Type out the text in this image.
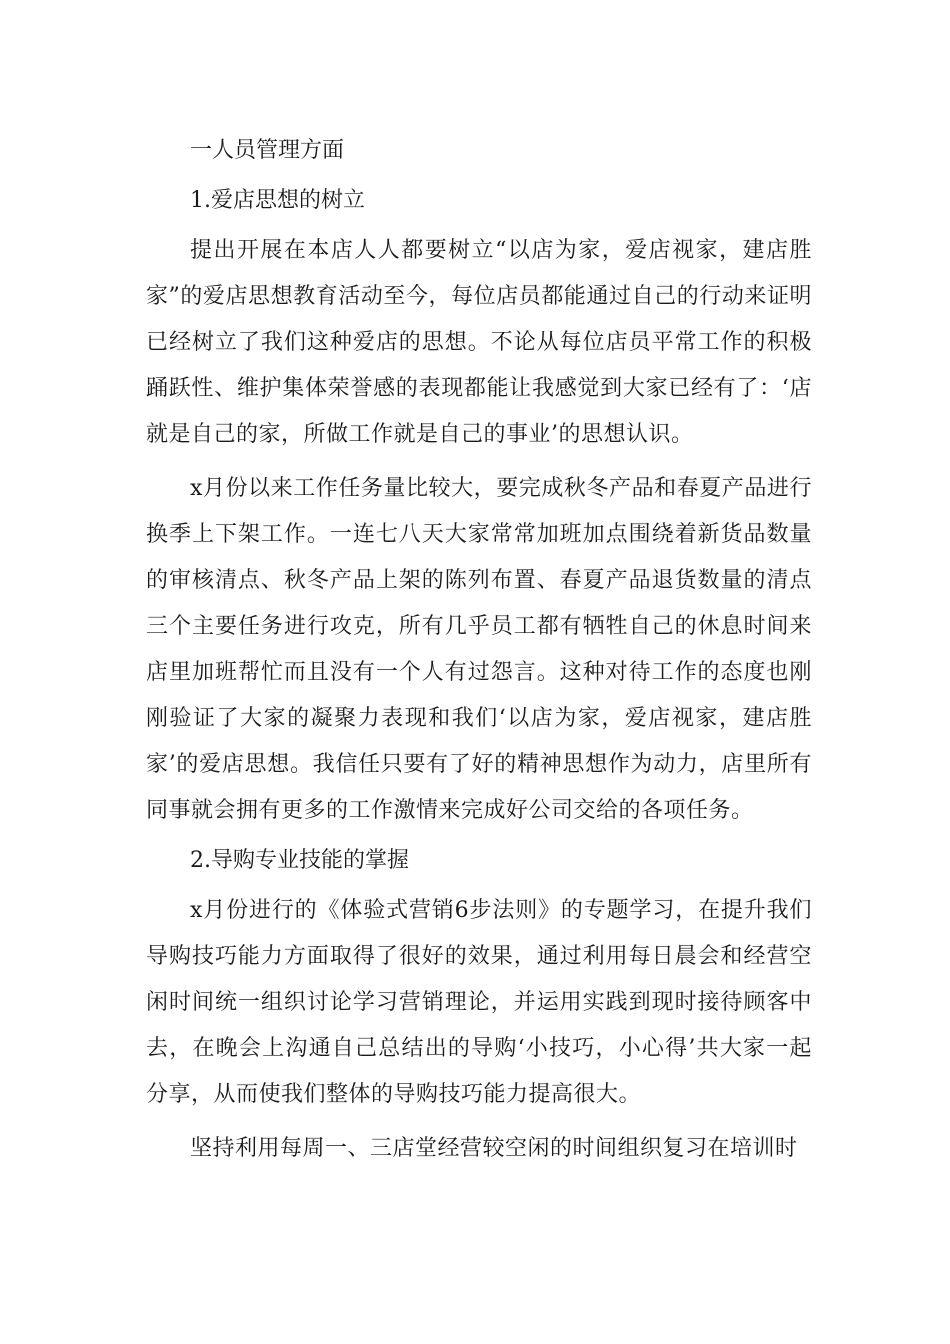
一人员管理方面

1.爱店思想的树立

提出开展在本店人人都要树立“以店为家，爱店视家，建店胜家”的爱店思想教育活动至今，每位店员都能通过自己的行动来证明已经树立了我们这种爱店的思想。不论从每位店员平常工作的积极踊跃性、维护集体荣誉感的表现都能让我感觉到大家已经有了：‘店就是自己的家，所做工作就是自己的事业’的思想认识。

x月份以来工作任务量比较大，要完成秋冬产品和春夏产品进行换季上下架工作。一连七八天大家常常加班加点围绕着新货品数量的审核清点、秋冬产品上架的陈列布置、春夏产品退货数量的清点三个主要任务进行攻克，所有几乎员工都有牺牲自己的休息时间来店里加班帮忙而且没有一个人有过怨言。这种对待工作的态度也刚刚验证了大家的凝聚力表现和我们‘以店为家，爱店视家，建店胜家’的爱店思想。我信任只要有了好的精神思想作为动力，店里所有同事就会拥有更多的工作激情来完成好公司交给的各项任务。

2.导购专业技能的掌握

x月份进行的《体验式营销6步法则》的专题学习，在提升我们导购技巧能力方面取得了很好的效果，通过利用每日晨会和经营空闲时间统一组织讨论学习营销理论，并运用实践到现时接待顾客中去，在晚会上沟通自己总结出的导购‘小技巧，小心得’共大家一起分享，从而使我们整体的导购技巧能力提高很大。

坚持利用每周一、三店堂经营较空闲的时间组织复习在培训时
